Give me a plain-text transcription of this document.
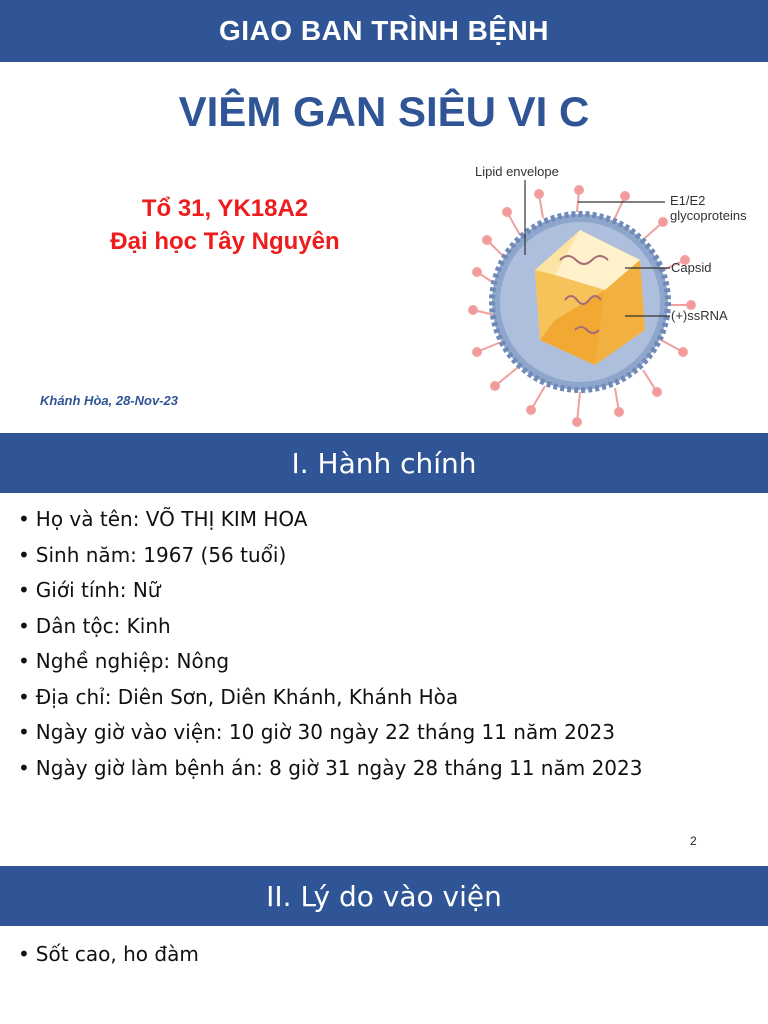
GIAO BAN TRÌNH BỆNH
VIÊM GAN SIÊU VI C
Tổ 31, YK18A2
Đại học Tây Nguyên
Khánh Hòa, 28-Nov-23
Lipid envelope
E1/E2
glycoproteins
Capsid
(+)ssRNA
I. Hành chính
• Họ và tên: VÕ THỊ KIM HOA
• Sinh năm: 1967 (56 tuổi)
• Giới tính: Nữ
• Dân tộc: Kinh
• Nghề nghiệp: Nông
• Địa chỉ: Diên Sơn, Diên Khánh, Khánh Hòa
• Ngày giờ vào viện: 10 giờ 30 ngày 22 tháng 11 năm 2023
• Ngày giờ làm bệnh án: 8 giờ 31 ngày 28 tháng 11 năm 2023
2
II. Lý do vào viện
• Sốt cao, ho đàm
